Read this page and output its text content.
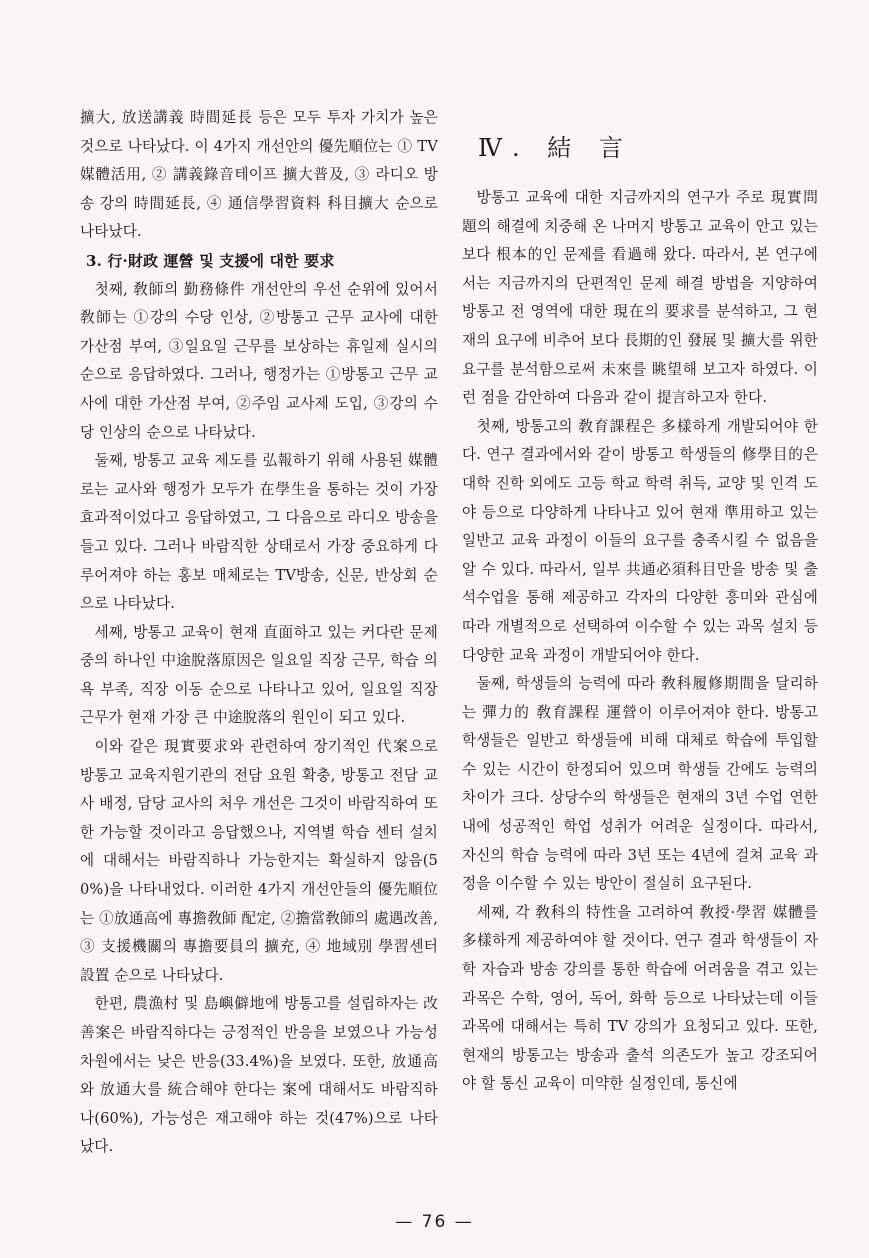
擴大, 放送講義 時間延長 등은 모두 투자 가치가 높은 것으로 나타났다. 이 4가지 개선안의 優先順位는 ① TV媒體活用, ② 講義錄音테이프 擴大普及, ③ 라디오 방송 강의 時間延長, ④ 通信學習資料 科目擴大 순으로 나타났다.

3. 行·財政 運營 및 支援에 대한 要求

첫째, 敎師의 勤務條件 개선안의 우선 순위에 있어서 敎師는 ①강의 수당 인상, ②방통고 근무 교사에 대한 가산점 부여, ③일요일 근무를 보상하는 휴일제 실시의 순으로 응답하였다. 그러나, 행정가는 ①방통고 근무 교사에 대한 가산점 부여, ②주임 교사제 도입, ③강의 수당 인상의 순으로 나타났다.

둘째, 방통고 교육 제도를 弘報하기 위해 사용된 媒體로는 교사와 행정가 모두가 在學生을 통하는 것이 가장 효과적이었다고 응답하였고, 그 다음으로 라디오 방송을 들고 있다. 그러나 바람직한 상태로서 가장 중요하게 다루어져야 하는 홍보 매체로는 TV방송, 신문, 반상회 순으로 나타났다.

세째, 방통고 교육이 현재 直面하고 있는 커다란 문제 중의 하나인 中途脫落原因은 일요일 직장 근무, 학습 의욕 부족, 직장 이동 순으로 나타나고 있어, 일요일 직장 근무가 현재 가장 큰 中途脫落의 원인이 되고 있다.

이와 같은 現實要求와 관련하여 장기적인 代案으로 방통고 교육지원기관의 전담 요원 확충, 방통고 전담 교사 배정, 담당 교사의 처우 개선은 그것이 바람직하여 또한 가능할 것이라고 응답했으나, 지역별 학습 센터 설치에 대해서는 바람직하나 가능한지는 확실하지 않음(50%)을 나타내었다. 이러한 4가지 개선안들의 優先順位는 ①放通高에 專擔敎師 配定, ②擔當敎師의 處遇改善, ③ 支援機關의 專擔要員의 擴充, ④ 地域別 學習센터 設置 순으로 나타났다.

한편, 農漁村 및 島嶼僻地에 방통고를 설립하자는 改善案은 바람직하다는 긍정적인 반응을 보였으나 가능성 차원에서는 낮은 반응(33.4%)을 보였다. 또한, 放通高와 放通大를 統合해야 한다는 案에 대해서도 바람직하나(60%), 가능성은 재고해야 하는 것(47%)으로 나타났다.

Ⅳ. 結 言

방통고 교육에 대한 지금까지의 연구가 주로 現實問題의 해결에 치중해 온 나머지 방통고 교육이 안고 있는 보다 根本的인 문제를 看過해 왔다. 따라서, 본 연구에서는 지금까지의 단편적인 문제 해결 방법을 지양하여 방통고 전 영역에 대한 現在의 要求를 분석하고, 그 현재의 요구에 비추어 보다 長期的인 發展 및 擴大를 위한 요구를 분석함으로써 未來를 眺望해 보고자 하였다. 이런 점을 감안하여 다음과 같이 提言하고자 한다.

첫째, 방통고의 敎育課程은 多樣하게 개발되어야 한다. 연구 결과에서와 같이 방통고 학생들의 修學目的은 대학 진학 외에도 고등 학교 학력 취득, 교양 및 인격 도야 등으로 다양하게 나타나고 있어 현재 準用하고 있는 일반고 교육 과정이 이들의 요구를 충족시킬 수 없음을 알 수 있다. 따라서, 일부 共通必須科目만을 방송 및 출석수업을 통해 제공하고 각자의 다양한 흥미와 관심에 따라 개별적으로 선택하여 이수할 수 있는 과목 설치 등 다양한 교육 과정이 개발되어야 한다.

둘째, 학생들의 능력에 따라 敎科履修期間을 달리하는 彈力的 敎育課程 運營이 이루어져야 한다. 방통고 학생들은 일반고 학생들에 비해 대체로 학습에 투입할 수 있는 시간이 한정되어 있으며 학생들 간에도 능력의 차이가 크다. 상당수의 학생들은 현재의 3년 수업 연한 내에 성공적인 학업 성취가 어려운 실정이다. 따라서, 자신의 학습 능력에 따라 3년 또는 4년에 걸쳐 교육 과정을 이수할 수 있는 방안이 절실히 요구된다.

세째, 각 敎科의 特性을 고려하여 敎授·學習 媒體를 多樣하게 제공하여야 할 것이다. 연구 결과 학생들이 자학 자습과 방송 강의를 통한 학습에 어려움을 겪고 있는 과목은 수학, 영어, 독어, 화학 등으로 나타났는데 이들 과목에 대해서는 특히 TV 강의가 요청되고 있다. 또한, 현재의 방통고는 방송과 출석 의존도가 높고 강조되어야 할 통신 교육이 미약한 실정인데, 통신에

— 76 —
